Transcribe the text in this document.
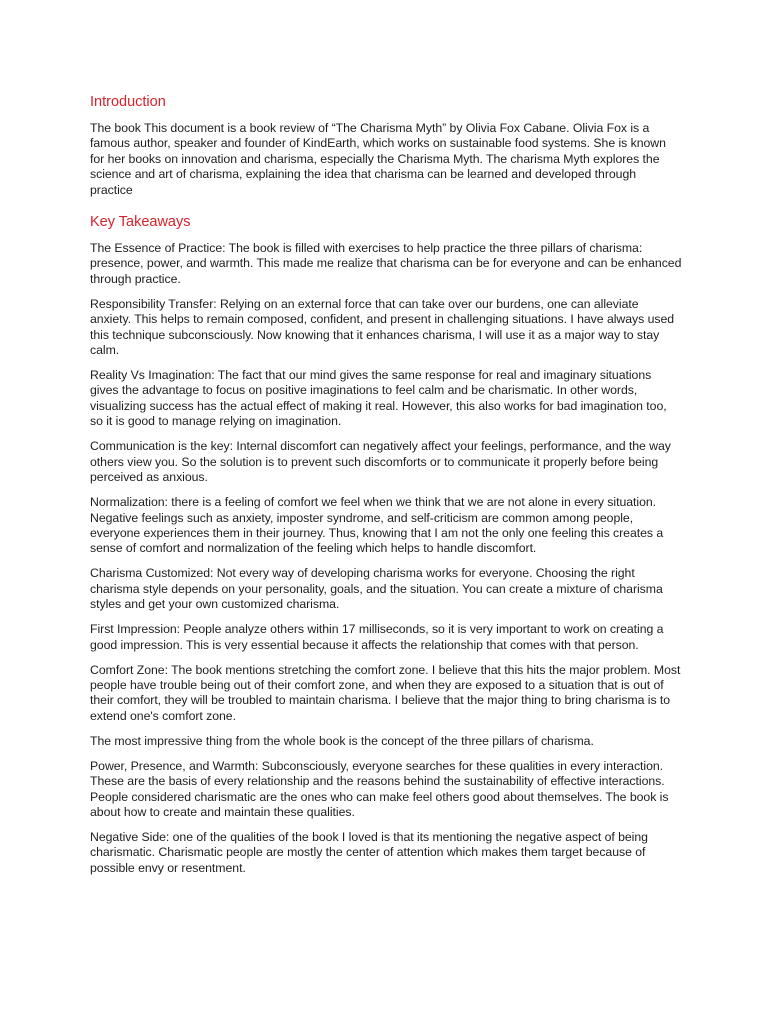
Introduction

The book This document is a book review of “The Charisma Myth” by Olivia Fox Cabane. Olivia Fox is a famous author, speaker and founder of KindEarth, which works on sustainable food systems. She is known for her books on innovation and charisma, especially the Charisma Myth. The charisma Myth explores the science and art of charisma, explaining the idea that charisma can be learned and developed through practice

Key Takeaways

The Essence of Practice: The book is filled with exercises to help practice the three pillars of charisma: presence, power, and warmth. This made me realize that charisma can be for everyone and can be enhanced through practice.

Responsibility Transfer: Relying on an external force that can take over our burdens, one can alleviate anxiety. This helps to remain composed, confident, and present in challenging situations. I have always used this technique subconsciously. Now knowing that it enhances charisma, I will use it as a major way to stay calm.

Reality Vs Imagination: The fact that our mind gives the same response for real and imaginary situations gives the advantage to focus on positive imaginations to feel calm and be charismatic. In other words, visualizing success has the actual effect of making it real. However, this also works for bad imagination too, so it is good to manage relying on imagination.

Communication is the key: Internal discomfort can negatively affect your feelings, performance, and the way others view you. So the solution is to prevent such discomforts or to communicate it properly before being perceived as anxious.

Normalization: there is a feeling of comfort we feel when we think that we are not alone in every situation. Negative feelings such as anxiety, imposter syndrome, and self-criticism are common among people, everyone experiences them in their journey. Thus, knowing that I am not the only one feeling this creates a sense of comfort and normalization of the feeling which helps to handle discomfort.

Charisma Customized: Not every way of developing charisma works for everyone. Choosing the right charisma style depends on your personality, goals, and the situation. You can create a mixture of charisma styles and get your own customized charisma.

First Impression: People analyze others within 17 milliseconds, so it is very important to work on creating a good impression. This is very essential because it affects the relationship that comes with that person.

Comfort Zone: The book mentions stretching the comfort zone. I believe that this hits the major problem. Most people have trouble being out of their comfort zone, and when they are exposed to a situation that is out of their comfort, they will be troubled to maintain charisma. I believe that the major thing to bring charisma is to extend one's comfort zone.

The most impressive thing from the whole book is the concept of the three pillars of charisma.

Power, Presence, and Warmth: Subconsciously, everyone searches for these qualities in every interaction. These are the basis of every relationship and the reasons behind the sustainability of effective interactions. People considered charismatic are the ones who can make feel others good about themselves. The book is about how to create and maintain these qualities.

Negative Side: one of the qualities of the book I loved is that its mentioning the negative aspect of being charismatic. Charismatic people are mostly the center of attention which makes them target because of possible envy or resentment.
